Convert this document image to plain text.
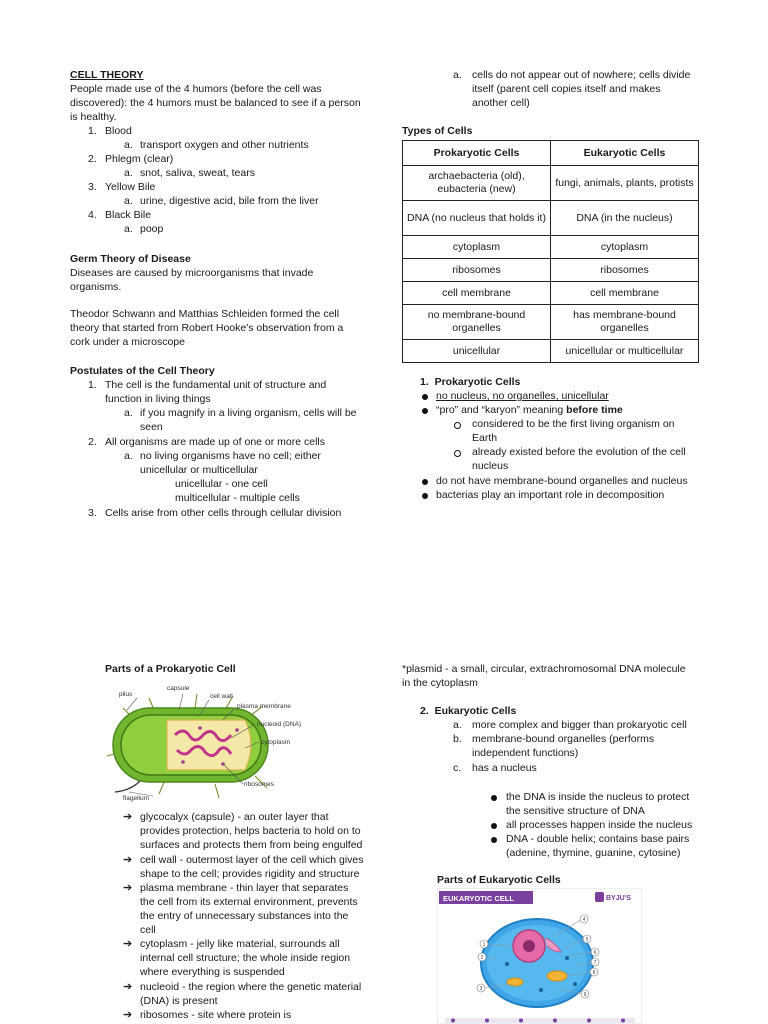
CELL THEORY

People made use of the 4 humors (before the cell was

discovered): the 4 humors must be balanced to see if a person

is healthy.

1. Blood
a. transport oxygen and other nutrients
2. Phlegm (clear)
a. snot, saliva, sweat, tears
3. Yellow Bile
a. urine, digestive acid, bile from the liver
4. Black Bile
a. poop
Germ Theory of Disease

Diseases are caused by microorganisms that invade

organisms.

Theodor Schwann and Matthias Schleiden formed the cell

theory that started from Robert Hooke's observation from a

cork under a microscope

Postulates of the Cell Theory
1. The cell is the fundamental unit of structure and
function in living things
a. if you magnify in a living organism, cells will be
seen
2. All organisms are made up of one or more cells
a. no living organisms have no cell; either
unicellular or multicellular
unicellular - one cell
multicellular - multiple cells
3. Cells arise from other cells through cellular division
a. cells do not appear out of nowhere; cells divide

itself (parent cell copies itself and makes

another cell)

Types of Cells
Prokaryotic Cells	Eukaryotic Cells
archaebacteria (old), eubacteria (new)	fungi, animals, plants, protists
DNA (no nucleus that holds it)	DNA (in the nucleus)
cytoplasm	cytoplasm
ribosomes	ribosomes
cell membrane	cell membrane
no membrane-bound organelles	has membrane-bound organelles
unicellular	unicellular or multicellular
1.  Prokaryotic Cells
no nucleus, no organelles, unicellular
“pro” and “karyon” meaning before time
considered to be the first living organism on
Earth
already existed before the evolution of the cell
nucleus
do not have membrane-bound organelles and nucleus
bacterias play an important role in decomposition
Parts of a Prokaryotic Cell
pilus
capsule
cell wall
plasma membrane
nucleoid (DNA)
cytoplasm
ribosomes
flagellum
➔ glycocalyx (capsule) - an outer layer that

provides protection, helps bacteria to hold on to

surfaces and protects them from being engulfed

➔ cell wall - outermost layer of the cell which gives

shape to the cell; provides rigidity and structure

➔ plasma membrane - thin layer that separates

the cell from its external environment, prevents

the entry of unnecessary substances into the

cell

➔ cytoplasm - jelly like material, surrounds all

internal cell structure; the whole inside region

where everything is suspended

➔ nucleoid - the region where the genetic material

(DNA) is present

➔ ribosomes - site where protein is

*plasmid - a small, circular, extrachromosomal DNA molecule

in the cytoplasm

2.  Eukaryotic Cells
a. more complex and bigger than prokaryotic cell
b. membrane-bound organelles (performs
independent functions)
c. has a nucleus
the DNA is inside the nucleus to protect
the sensitive structure of DNA
all processes happen inside the nucleus
DNA - double helix; contains base pairs
(adenine, thymine, guanine, cytosine)
Parts of Eukaryotic Cells
EUKARYOTIC CELL	BYJU'S
4
5
6
7
8
9
1
2
3
